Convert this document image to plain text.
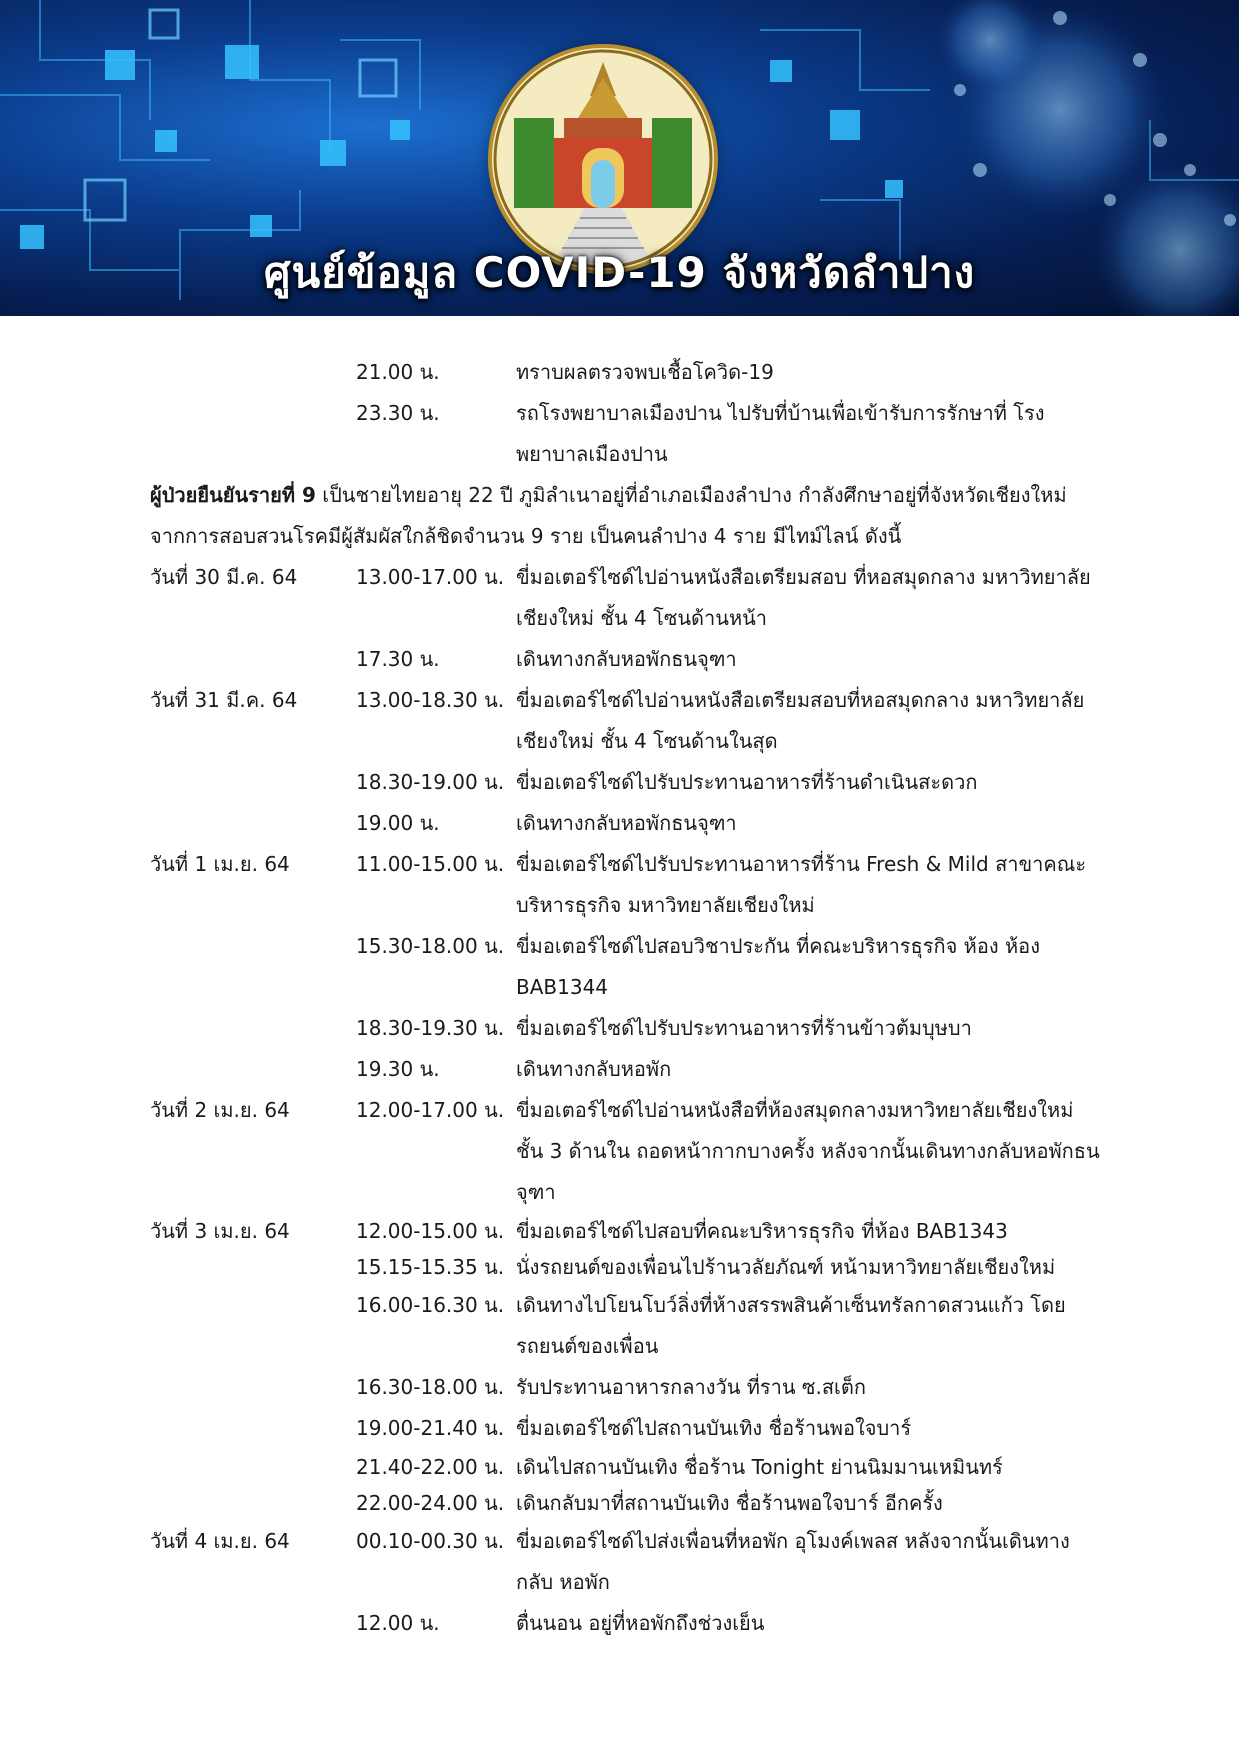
ศูนย์ข้อมูล COVID-19 จังหวัดลำปาง
21.00 น.	ทราบผลตรวจพบเชื้อโควิด-19
23.30 น.	รถโรงพยาบาลเมืองปาน ไปรับที่บ้านเพื่อเข้ารับการรักษาที่ โรงพยาบาลเมืองปาน
ผู้ป่วยยืนยันรายที่ 9 เป็นชายไทยอายุ 22 ปี ภูมิลำเนาอยู่ที่อำเภอเมืองลำปาง กำลังศึกษาอยู่ที่จังหวัดเชียงใหม่
จากการสอบสวนโรคมีผู้สัมผัสใกล้ชิดจำนวน 9 ราย เป็นคนลำปาง 4 ราย มีไทม์ไลน์ ดังนี้
วันที่ 30 มี.ค. 64	13.00-17.00 น. ขี่มอเตอร์ไซด์ไปอ่านหนังสือเตรียมสอบ ที่หอสมุดกลาง มหาวิทยาลัยเชียงใหม่ ชั้น 4 โซนด้านหน้า
17.30 น.	เดินทางกลับหอพักธนจุฑา
วันที่ 31 มี.ค. 64	13.00-18.30 น. ขี่มอเตอร์ไซด์ไปอ่านหนังสือเตรียมสอบที่หอสมุดกลาง มหาวิทยาลัยเชียงใหม่ ชั้น 4 โซนด้านในสุด
18.30-19.00 น. ขี่มอเตอร์ไซด์ไปรับประทานอาหารที่ร้านดำเนินสะดวก
19.00 น.	เดินทางกลับหอพักธนจุฑา
วันที่ 1 เม.ย. 64	11.00-15.00 น. ขี่มอเตอร์ไซด์ไปรับประทานอาหารที่ร้าน Fresh & Mild สาขาคณะ บริหารธุรกิจ มหาวิทยาลัยเชียงใหม่
15.30-18.00 น. ขี่มอเตอร์ไซด์ไปสอบวิชาประกัน ที่คณะบริหารธุรกิจ ห้อง ห้อง BAB1344
18.30-19.30 น. ขี่มอเตอร์ไซด์ไปรับประทานอาหารที่ร้านข้าวต้มบุษบา
19.30 น.	เดินทางกลับหอพัก
วันที่ 2 เม.ย. 64	12.00-17.00 น. ขี่มอเตอร์ไซด์ไปอ่านหนังสือที่ห้องสมุดกลางมหาวิทยาลัยเชียงใหม่ ชั้น 3 ด้านใน ถอดหน้ากากบางครั้ง หลังจากนั้นเดินทางกลับหอพักธนจุฑา
วันที่ 3 เม.ย. 64	12.00-15.00 น. ขี่มอเตอร์ไซด์ไปสอบที่คณะบริหารธุรกิจ ที่ห้อง BAB1343
15.15-15.35 น. นั่งรถยนต์ของเพื่อนไปร้านวลัยภัณฑ์ หน้ามหาวิทยาลัยเชียงใหม่
16.00-16.30 น. เดินทางไปโยนโบว์ลิ่งที่ห้างสรรพสินค้าเซ็นทรัลกาดสวนแก้ว โดย รถยนต์ของเพื่อน
16.30-18.00 น. รับประทานอาหารกลางวัน ที่ราน ซ.สเต็ก
19.00-21.40 น. ขี่มอเตอร์ไซด์ไปสถานบันเทิง ชื่อร้านพอใจบาร์
21.40-22.00 น. เดินไปสถานบันเทิง ชื่อร้าน Tonight ย่านนิมมานเหมินทร์
22.00-24.00 น. เดินกลับมาที่สถานบันเทิง ชื่อร้านพอใจบาร์ อีกครั้ง
วันที่ 4 เม.ย. 64	00.10-00.30 น. ขี่มอเตอร์ไซด์ไปส่งเพื่อนที่หอพัก อุโมงค์เพลส หลังจากนั้นเดินทางกลับ หอพัก
12.00 น.	ตื่นนอน อยู่ที่หอพักถึงช่วงเย็น
